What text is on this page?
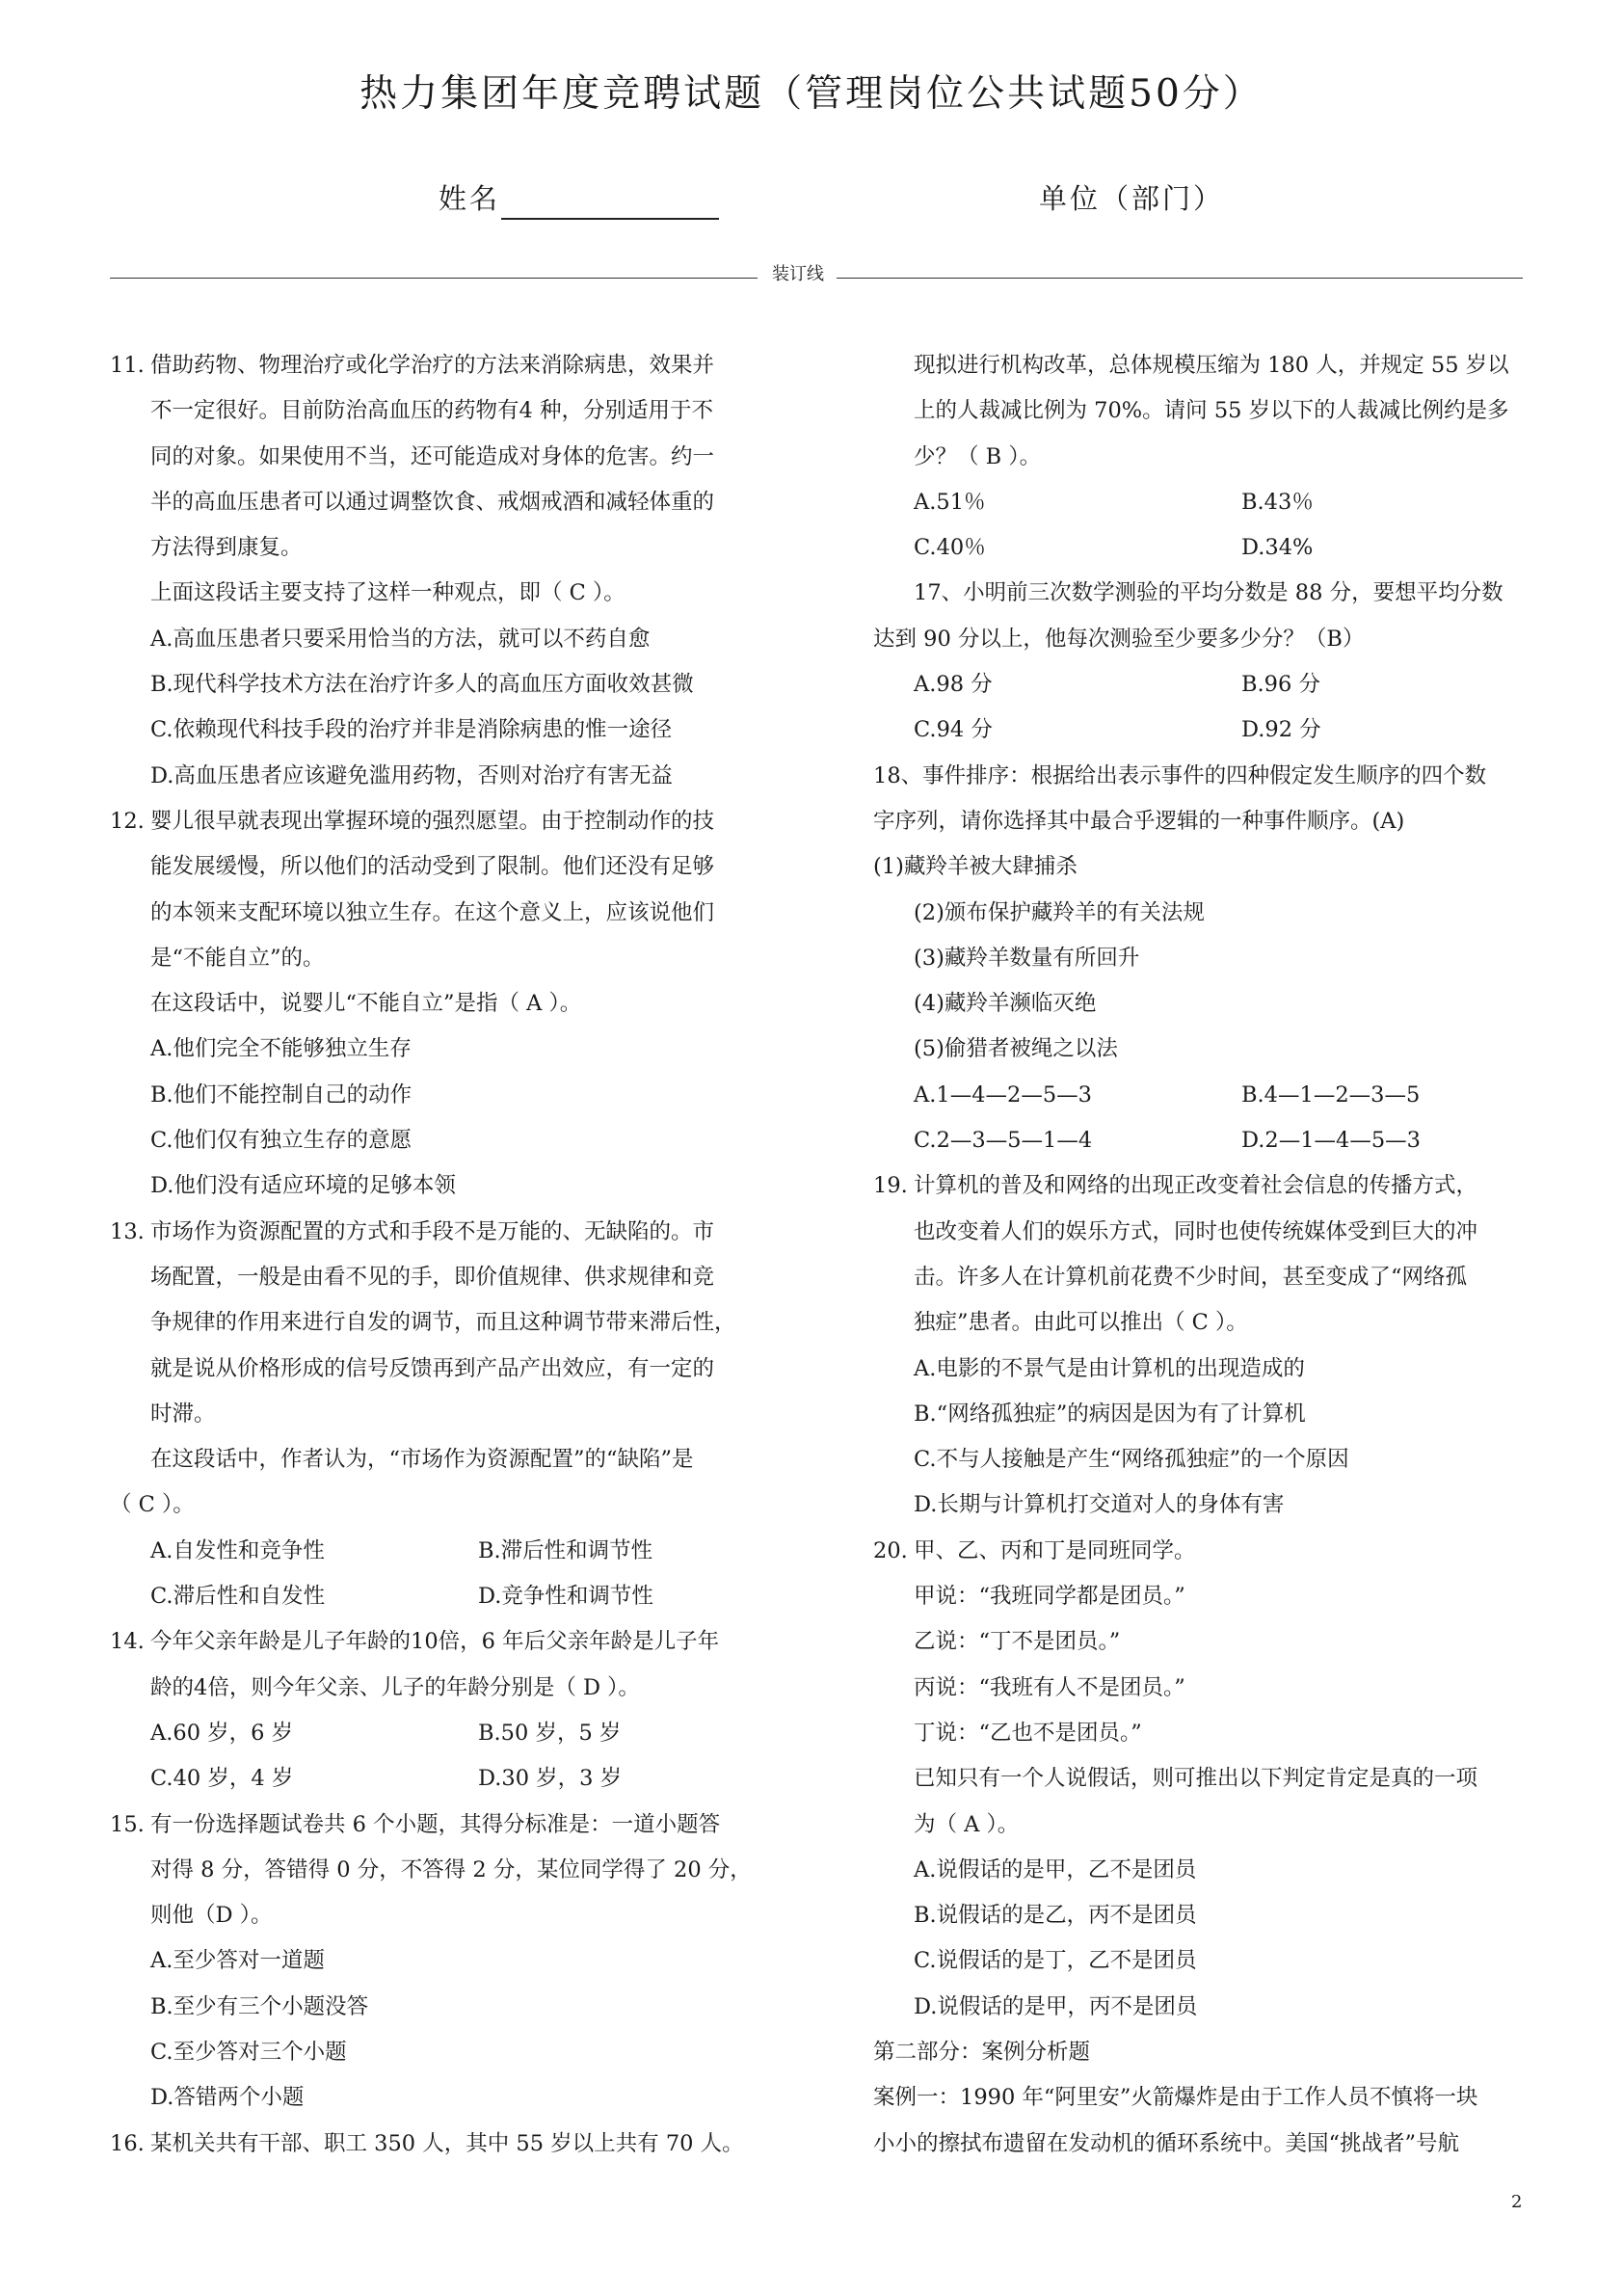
热力集团年度竞聘试题（管理岗位公共试题50分）
姓名	单位（部门）
装订线
11. 借助药物、物理治疗或化学治疗的方法来消除病患，效果并
不一定很好。目前防治高血压的药物有4 种，分别适用于不
同的对象。如果使用不当，还可能造成对身体的危害。约一
半的高血压患者可以通过调整饮食、戒烟戒酒和减轻体重的
方法得到康复。
上面这段话主要支持了这样一种观点，即（ C ）。
A.高血压患者只要采用恰当的方法，就可以不药自愈
B.现代科学技术方法在治疗许多人的高血压方面收效甚微
C.依赖现代科技手段的治疗并非是消除病患的惟一途径
D.高血压患者应该避免滥用药物，否则对治疗有害无益
12. 婴儿很早就表现出掌握环境的强烈愿望。由于控制动作的技
能发展缓慢，所以他们的活动受到了限制。他们还没有足够
的本领来支配环境以独立生存。在这个意义上，应该说他们
是“不能自立”的。
在这段话中，说婴儿“不能自立”是指（ A ）。
A.他们完全不能够独立生存
B.他们不能控制自己的动作
C.他们仅有独立生存的意愿
D.他们没有适应环境的足够本领
13. 市场作为资源配置的方式和手段不是万能的、无缺陷的。市
场配置，一般是由看不见的手，即价值规律、供求规律和竞
争规律的作用来进行自发的调节，而且这种调节带来滞后性，
就是说从价格形成的信号反馈再到产品产出效应，有一定的
时滞。
在这段话中，作者认为，“市场作为资源配置”的“缺陷”是
（ C ）。
A.自发性和竞争性	B.滞后性和调节性
C.滞后性和自发性	D.竞争性和调节性
14. 今年父亲年龄是儿子年龄的10倍，6 年后父亲年龄是儿子年
龄的4倍，则今年父亲、儿子的年龄分别是（ D ）。
A.60 岁，6 岁	B.50 岁，5 岁
C.40 岁，4 岁	D.30 岁，3 岁
15. 有一份选择题试卷共 6 个小题，其得分标准是：一道小题答
对得 8 分，答错得 0 分，不答得 2 分，某位同学得了 20 分，
则他（D ）。
A.至少答对一道题
B.至少有三个小题没答
C.至少答对三个小题
D.答错两个小题
16. 某机关共有干部、职工 350 人，其中 55 岁以上共有 70 人。
现拟进行机构改革，总体规模压缩为 180 人，并规定 55 岁以
上的人裁减比例为 70%。请问 55 岁以下的人裁减比例约是多
少？（ B ）。
A.51％	B.43％
C.40％	D.34%
17、小明前三次数学测验的平均分数是 88 分，要想平均分数
达到 90 分以上，他每次测验至少要多少分？（B）
A.98 分	B.96 分
C.94 分	D.92 分
18、事件排序：根据给出表示事件的四种假定发生顺序的四个数
字序列，请你选择其中最合乎逻辑的一种事件顺序。(A)
(1)藏羚羊被大肆捕杀
(2)颁布保护藏羚羊的有关法规
(3)藏羚羊数量有所回升
(4)藏羚羊濒临灭绝
(5)偷猎者被绳之以法
A.1—4—2—5—3	B.4—1—2—3—5
C.2—3—5—1—4	D.2—1—4—5—3
19. 计算机的普及和网络的出现正改变着社会信息的传播方式，
也改变着人们的娱乐方式，同时也使传统媒体受到巨大的冲
击。许多人在计算机前花费不少时间，甚至变成了“网络孤
独症”患者。由此可以推出（ C ）。
A.电影的不景气是由计算机的出现造成的
B.“网络孤独症”的病因是因为有了计算机
C.不与人接触是产生“网络孤独症”的一个原因
D.长期与计算机打交道对人的身体有害
20. 甲、乙、丙和丁是同班同学。
甲说：“我班同学都是团员。”
乙说：“丁不是团员。”
丙说：“我班有人不是团员。”
丁说：“乙也不是团员。”
已知只有一个人说假话，则可推出以下判定肯定是真的一项
为（ A ）。
A.说假话的是甲，乙不是团员
B.说假话的是乙，丙不是团员
C.说假话的是丁，乙不是团员
D.说假话的是甲，丙不是团员
第二部分：案例分析题
案例一：1990 年“阿里安”火箭爆炸是由于工作人员不慎将一块
小小的擦拭布遗留在发动机的循环系统中。美国“挑战者”号航
2
